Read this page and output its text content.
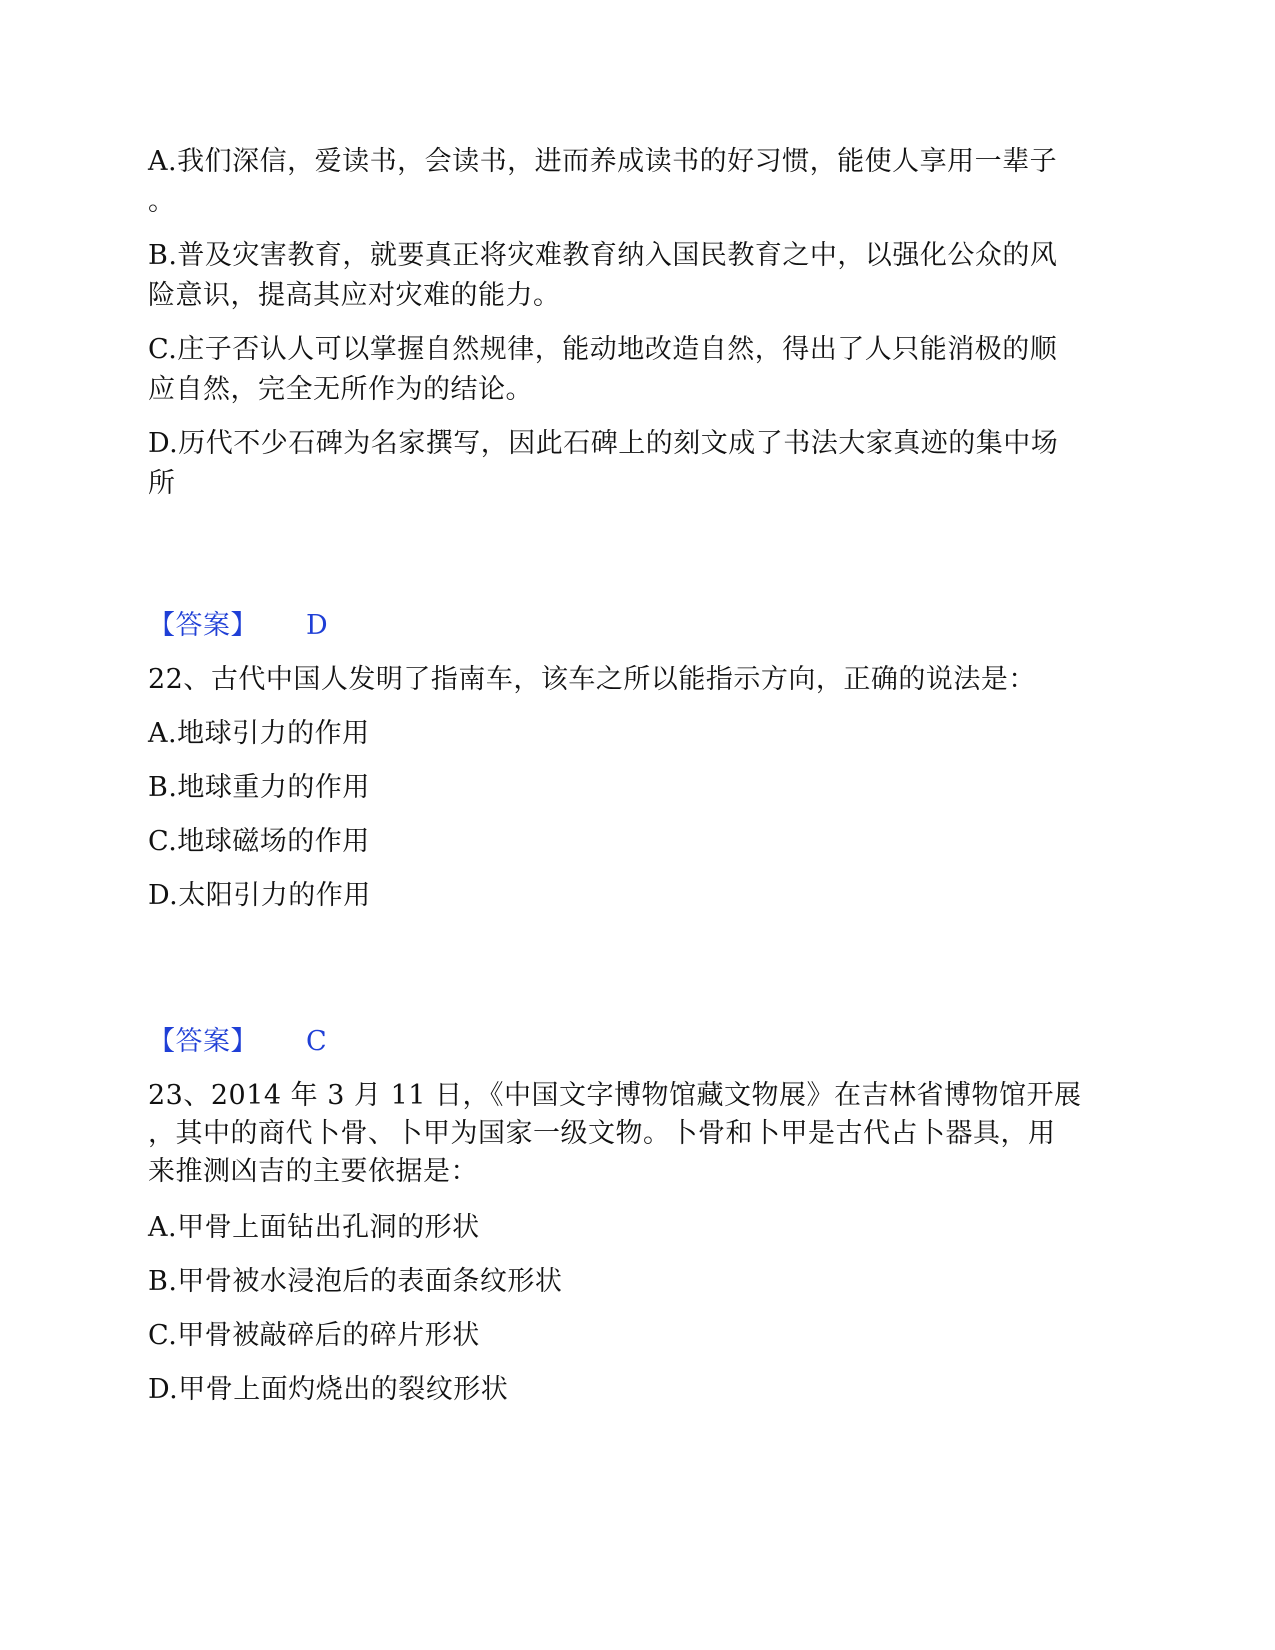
A.我们深信，爱读书，会读书，进而养成读书的好习惯，能使人享用一辈子
。
B.普及灾害教育，就要真正将灾难教育纳入国民教育之中，以强化公众的风
险意识，提高其应对灾难的能力。
C.庄子否认人可以掌握自然规律，能动地改造自然，得出了人只能消极的顺
应自然，完全无所作为的结论。
D.历代不少石碑为名家撰写，因此石碑上的刻文成了书法大家真迹的集中场
所
【答案】 D
22、古代中国人发明了指南车，该车之所以能指示方向，正确的说法是：
A.地球引力的作用
B.地球重力的作用
C.地球磁场的作用
D.太阳引力的作用
【答案】 C
23、2014 年 3 月 11 日，《中国文字博物馆藏文物展》在吉林省博物馆开展
，其中的商代卜骨、卜甲为国家一级文物。卜骨和卜甲是古代占卜器具，用
来推测凶吉的主要依据是：
A.甲骨上面钻出孔洞的形状
B.甲骨被水浸泡后的表面条纹形状
C.甲骨被敲碎后的碎片形状
D.甲骨上面灼烧出的裂纹形状
